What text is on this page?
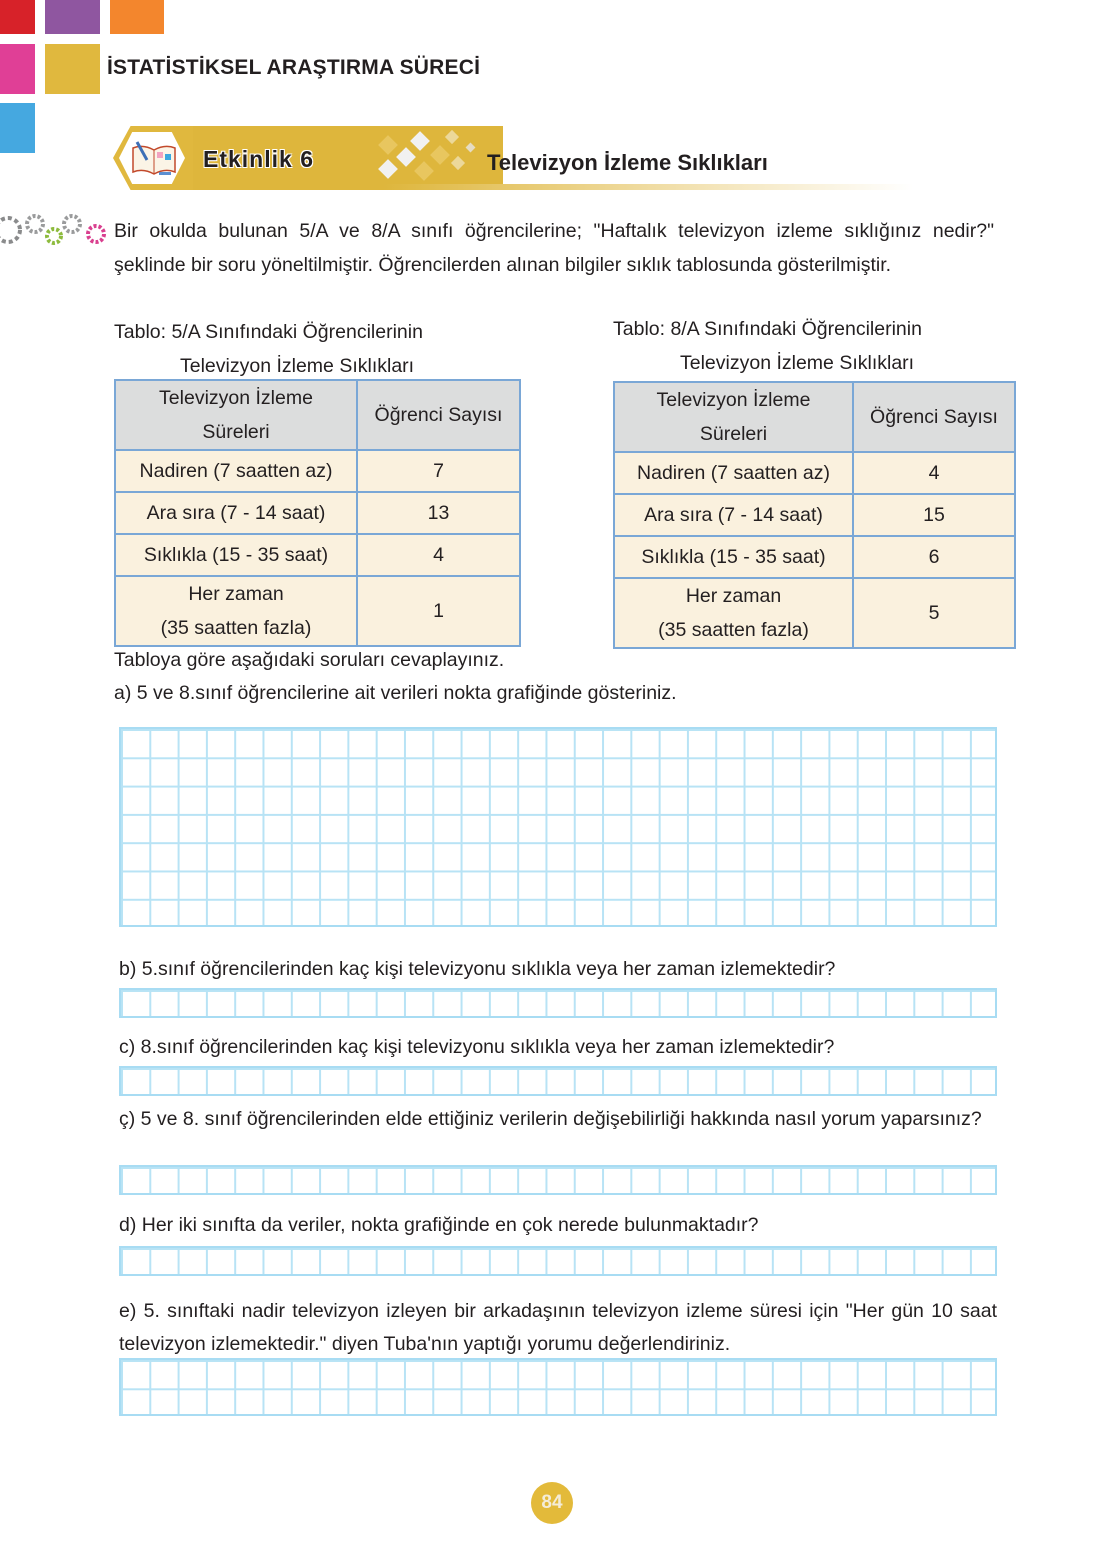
İSTATİSTİKSEL ARAŞTIRMA SÜRECİ
Etkinlik 6	Televizyon İzleme Sıklıkları
Bir okulda bulunan 5/A ve 8/A sınıfı öğrencilerine; "Haftalık televizyon izleme sıklığınız nedir?" şeklinde bir soru yöneltilmiştir. Öğrencilerden alınan bilgiler sıklık tablosunda gösterilmiştir.
Tablo: 5/A Sınıfındaki Öğrencilerinin
Televizyon İzleme Sıklıkları
Televizyon İzleme
Süreleri	Öğrenci Sayısı
Nadiren (7 saatten az)	7
Ara sıra (7 - 14 saat)	13
Sıklıkla (15 - 35 saat)	4

Her zaman
(35 saatten fazla)	1
Tablo: 8/A Sınıfındaki Öğrencilerinin
Televizyon İzleme Sıklıkları
Televizyon İzleme
Süreleri	Öğrenci Sayısı
Nadiren (7 saatten az)	4
Ara sıra (7 - 14 saat)	15
Sıklıkla (15 - 35 saat)	6

Her zaman
(35 saatten fazla)	5
Tabloya göre aşağıdaki soruları cevaplayınız.
a) 5 ve 8.sınıf öğrencilerine ait verileri nokta grafiğinde gösteriniz.
b) 5.sınıf öğrencilerinden kaç kişi televizyonu sıklıkla veya her zaman izlemektedir?
c) 8.sınıf öğrencilerinden kaç kişi televizyonu sıklıkla veya her zaman izlemektedir?
ç) 5 ve 8. sınıf öğrencilerinden elde ettiğiniz verilerin değişebilirliği hakkında nasıl yorum yaparsınız?
d) Her iki sınıfta da veriler, nokta grafiğinde en çok nerede bulunmaktadır?
e) 5. sınıftaki nadir televizyon izleyen bir arkadaşının televizyon izleme süresi için "Her gün 10 saat televizyon izlemektedir." diyen Tuba'nın yaptığı yorumu değerlendiriniz.
84
